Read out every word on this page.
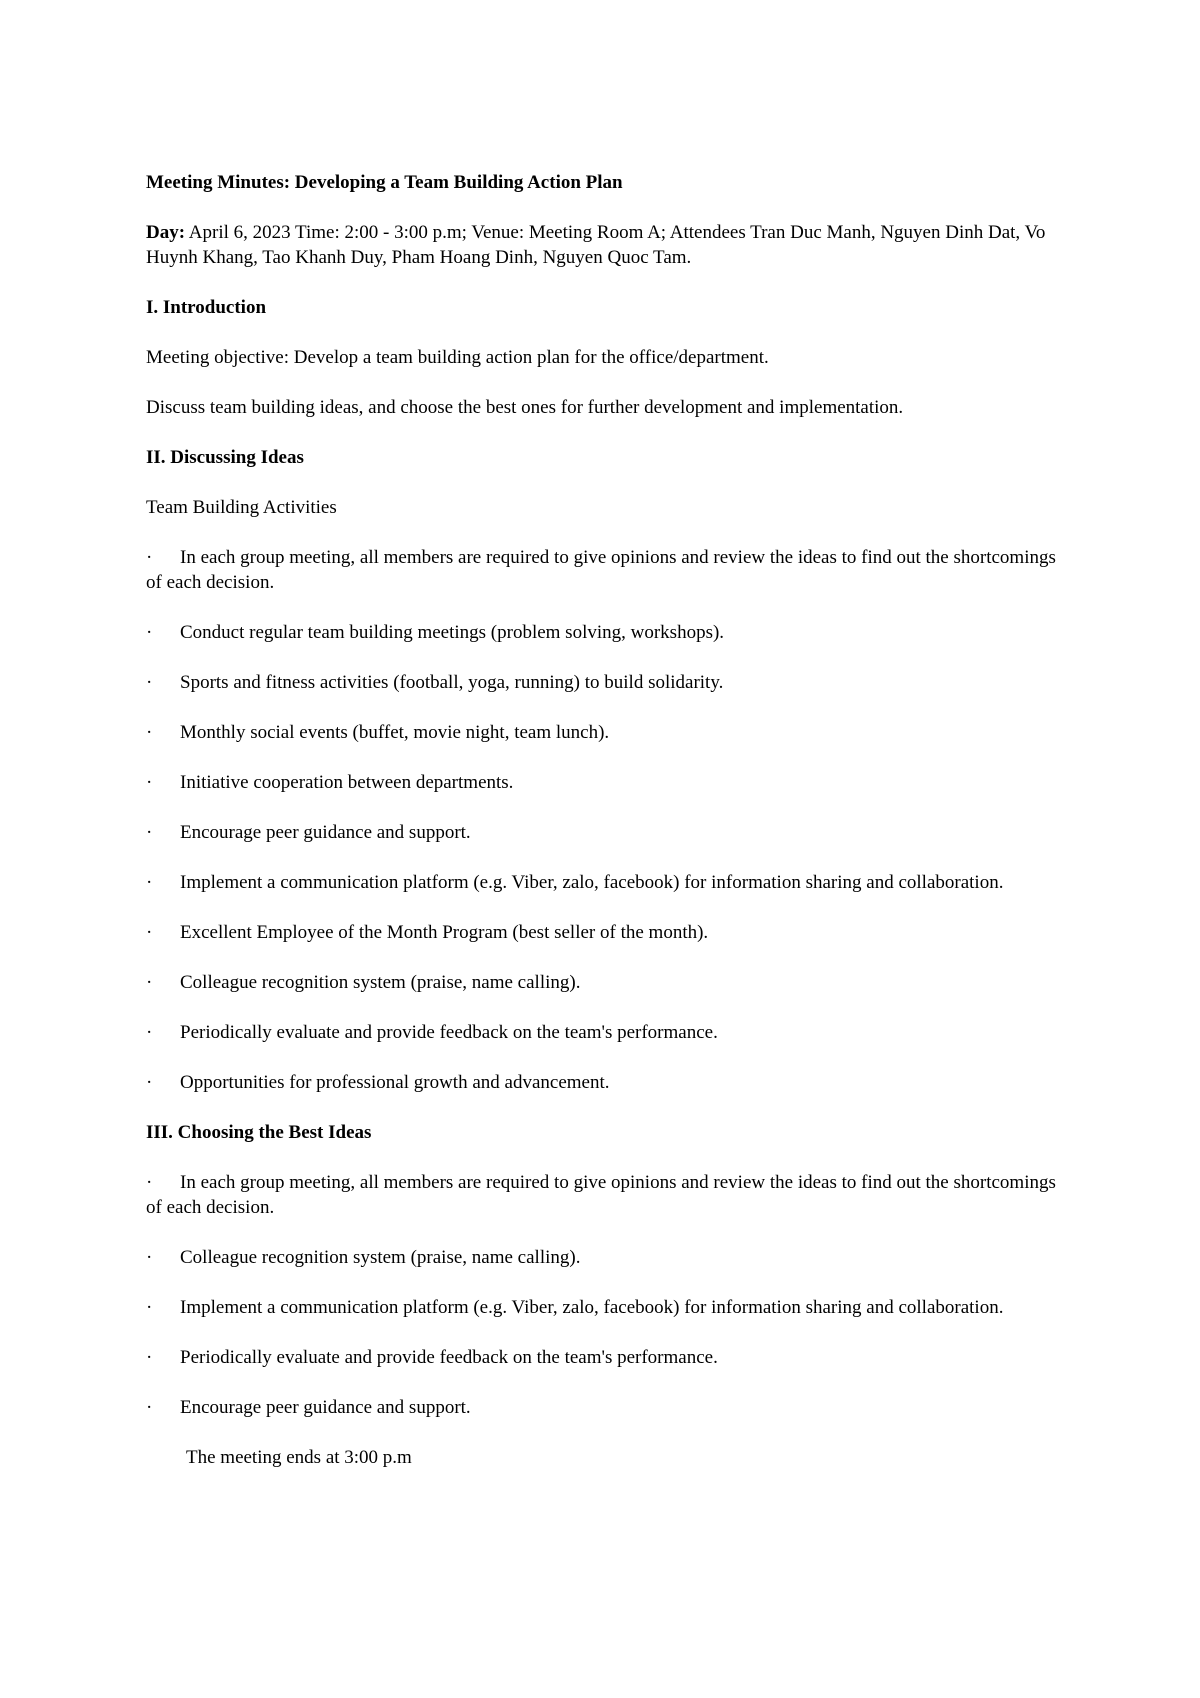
Meeting Minutes: Developing a Team Building Action Plan

Day: April 6, 2023 Time: 2:00 - 3:00 p.m; Venue: Meeting Room A; Attendees Tran Duc Manh, Nguyen Dinh Dat, Vo Huynh Khang, Tao Khanh Duy, Pham Hoang Dinh, Nguyen Quoc Tam.

I. Introduction

Meeting objective: Develop a team building action plan for the office/department.

Discuss team building ideas, and choose the best ones for further development and implementation.

II. Discussing Ideas

Team Building Activities

· In each group meeting, all members are required to give opinions and review the ideas to find out the shortcomings of each decision.

· Conduct regular team building meetings (problem solving, workshops).

· Sports and fitness activities (football, yoga, running) to build solidarity.

· Monthly social events (buffet, movie night, team lunch).

· Initiative cooperation between departments.

· Encourage peer guidance and support.

· Implement a communication platform (e.g. Viber, zalo, facebook) for information sharing and collaboration.

· Excellent Employee of the Month Program (best seller of the month).

· Colleague recognition system (praise, name calling).

· Periodically evaluate and provide feedback on the team's performance.

· Opportunities for professional growth and advancement.

III. Choosing the Best Ideas

· In each group meeting, all members are required to give opinions and review the ideas to find out the shortcomings of each decision.

· Colleague recognition system (praise, name calling).

· Implement a communication platform (e.g. Viber, zalo, facebook) for information sharing and collaboration.

· Periodically evaluate and provide feedback on the team's performance.

· Encourage peer guidance and support.

The meeting ends at 3:00 p.m
